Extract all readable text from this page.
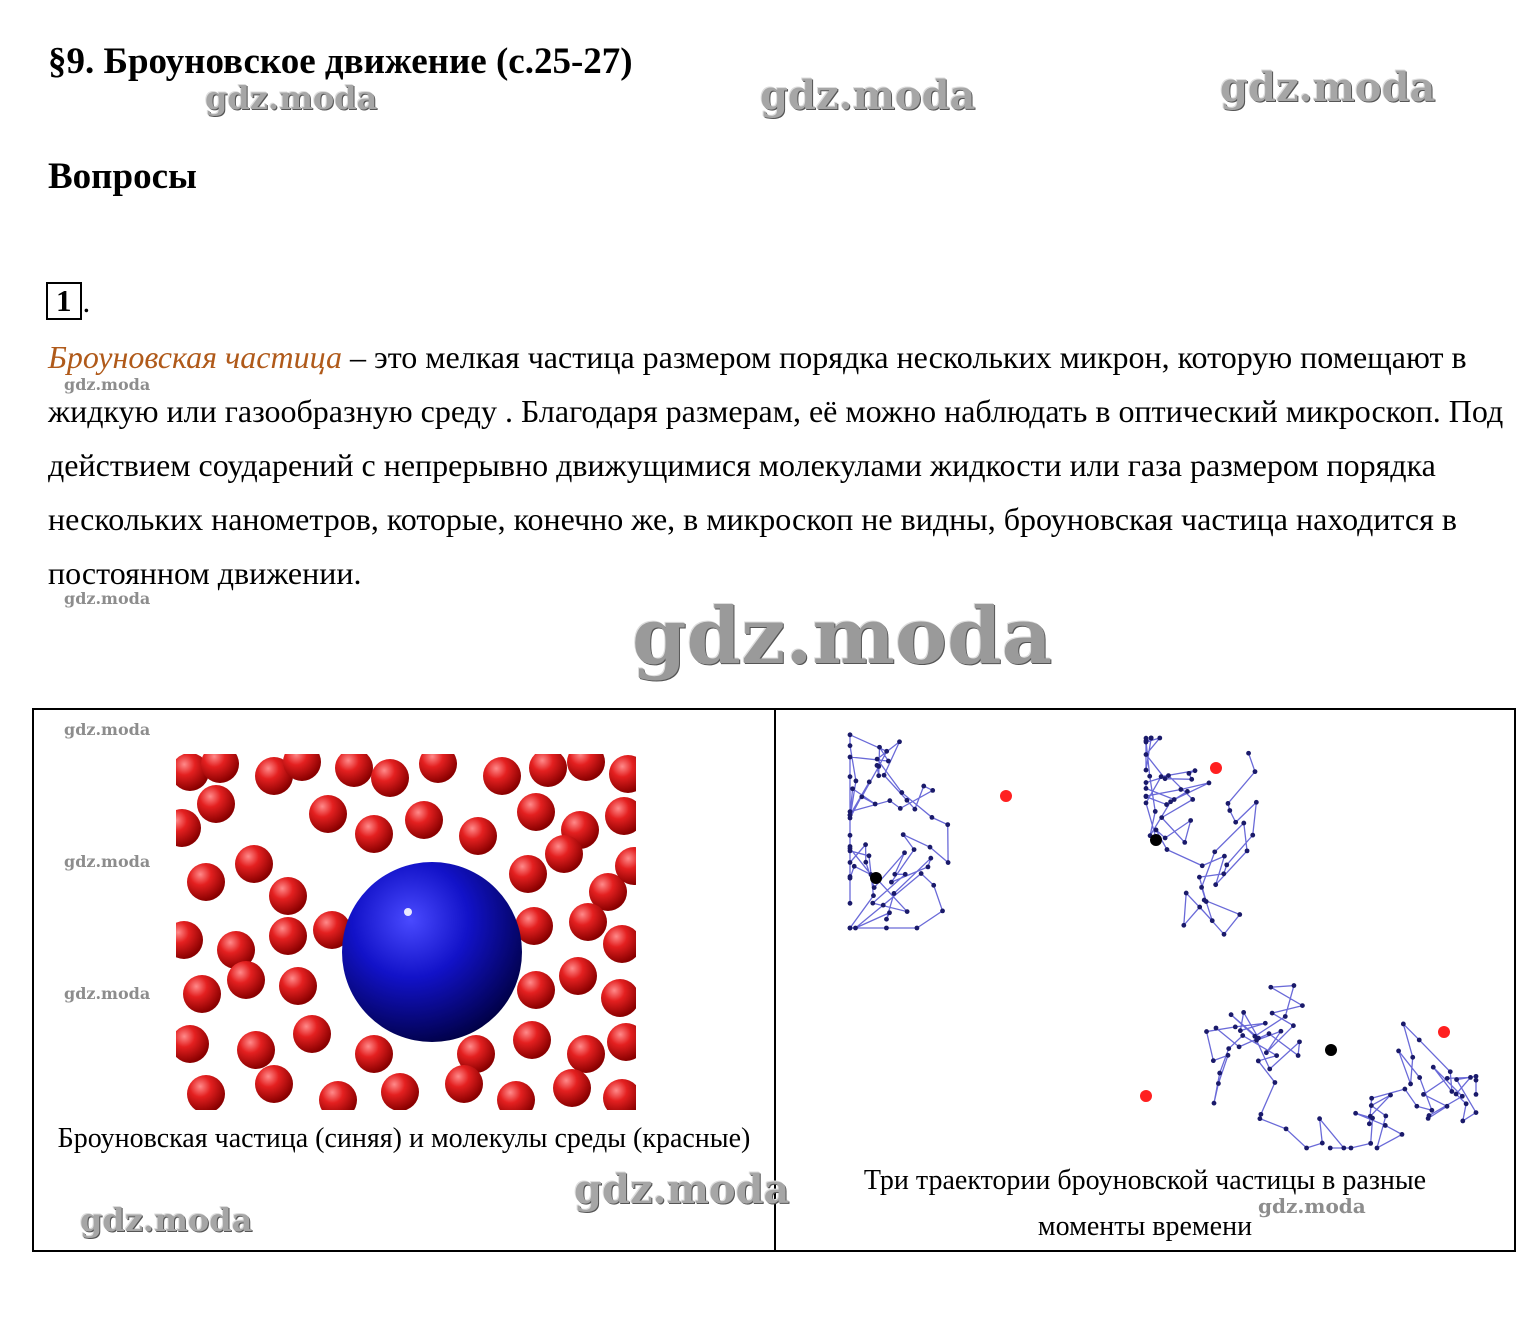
§9. Броуновское движение (с.25-27)
Вопросы
1 .

Броуновская частица – это мелкая частица размером порядка нескольких микрон, которую помещают в жидкую или газообразную среду . Благодаря размерам, её можно наблюдать в оптический микроскоп. Под действием соударений с непрерывно движущимися молекулами жидкости или газа размером порядка нескольких нанометров, которые, конечно же, в микроскоп не видны, броуновская частица находится в постоянном движении.

Броуновская частица (синяя) и молекулы среды (красные)

Три траектории броуновской частицы в разные моменты времени

gdz.moda	gdz.moda	gdz.moda
gdz.moda
gdz.moda	gdz.moda
gdz.moda
gdz.moda
gdz.moda
gdz.moda
gdz.moda	gdz.moda
